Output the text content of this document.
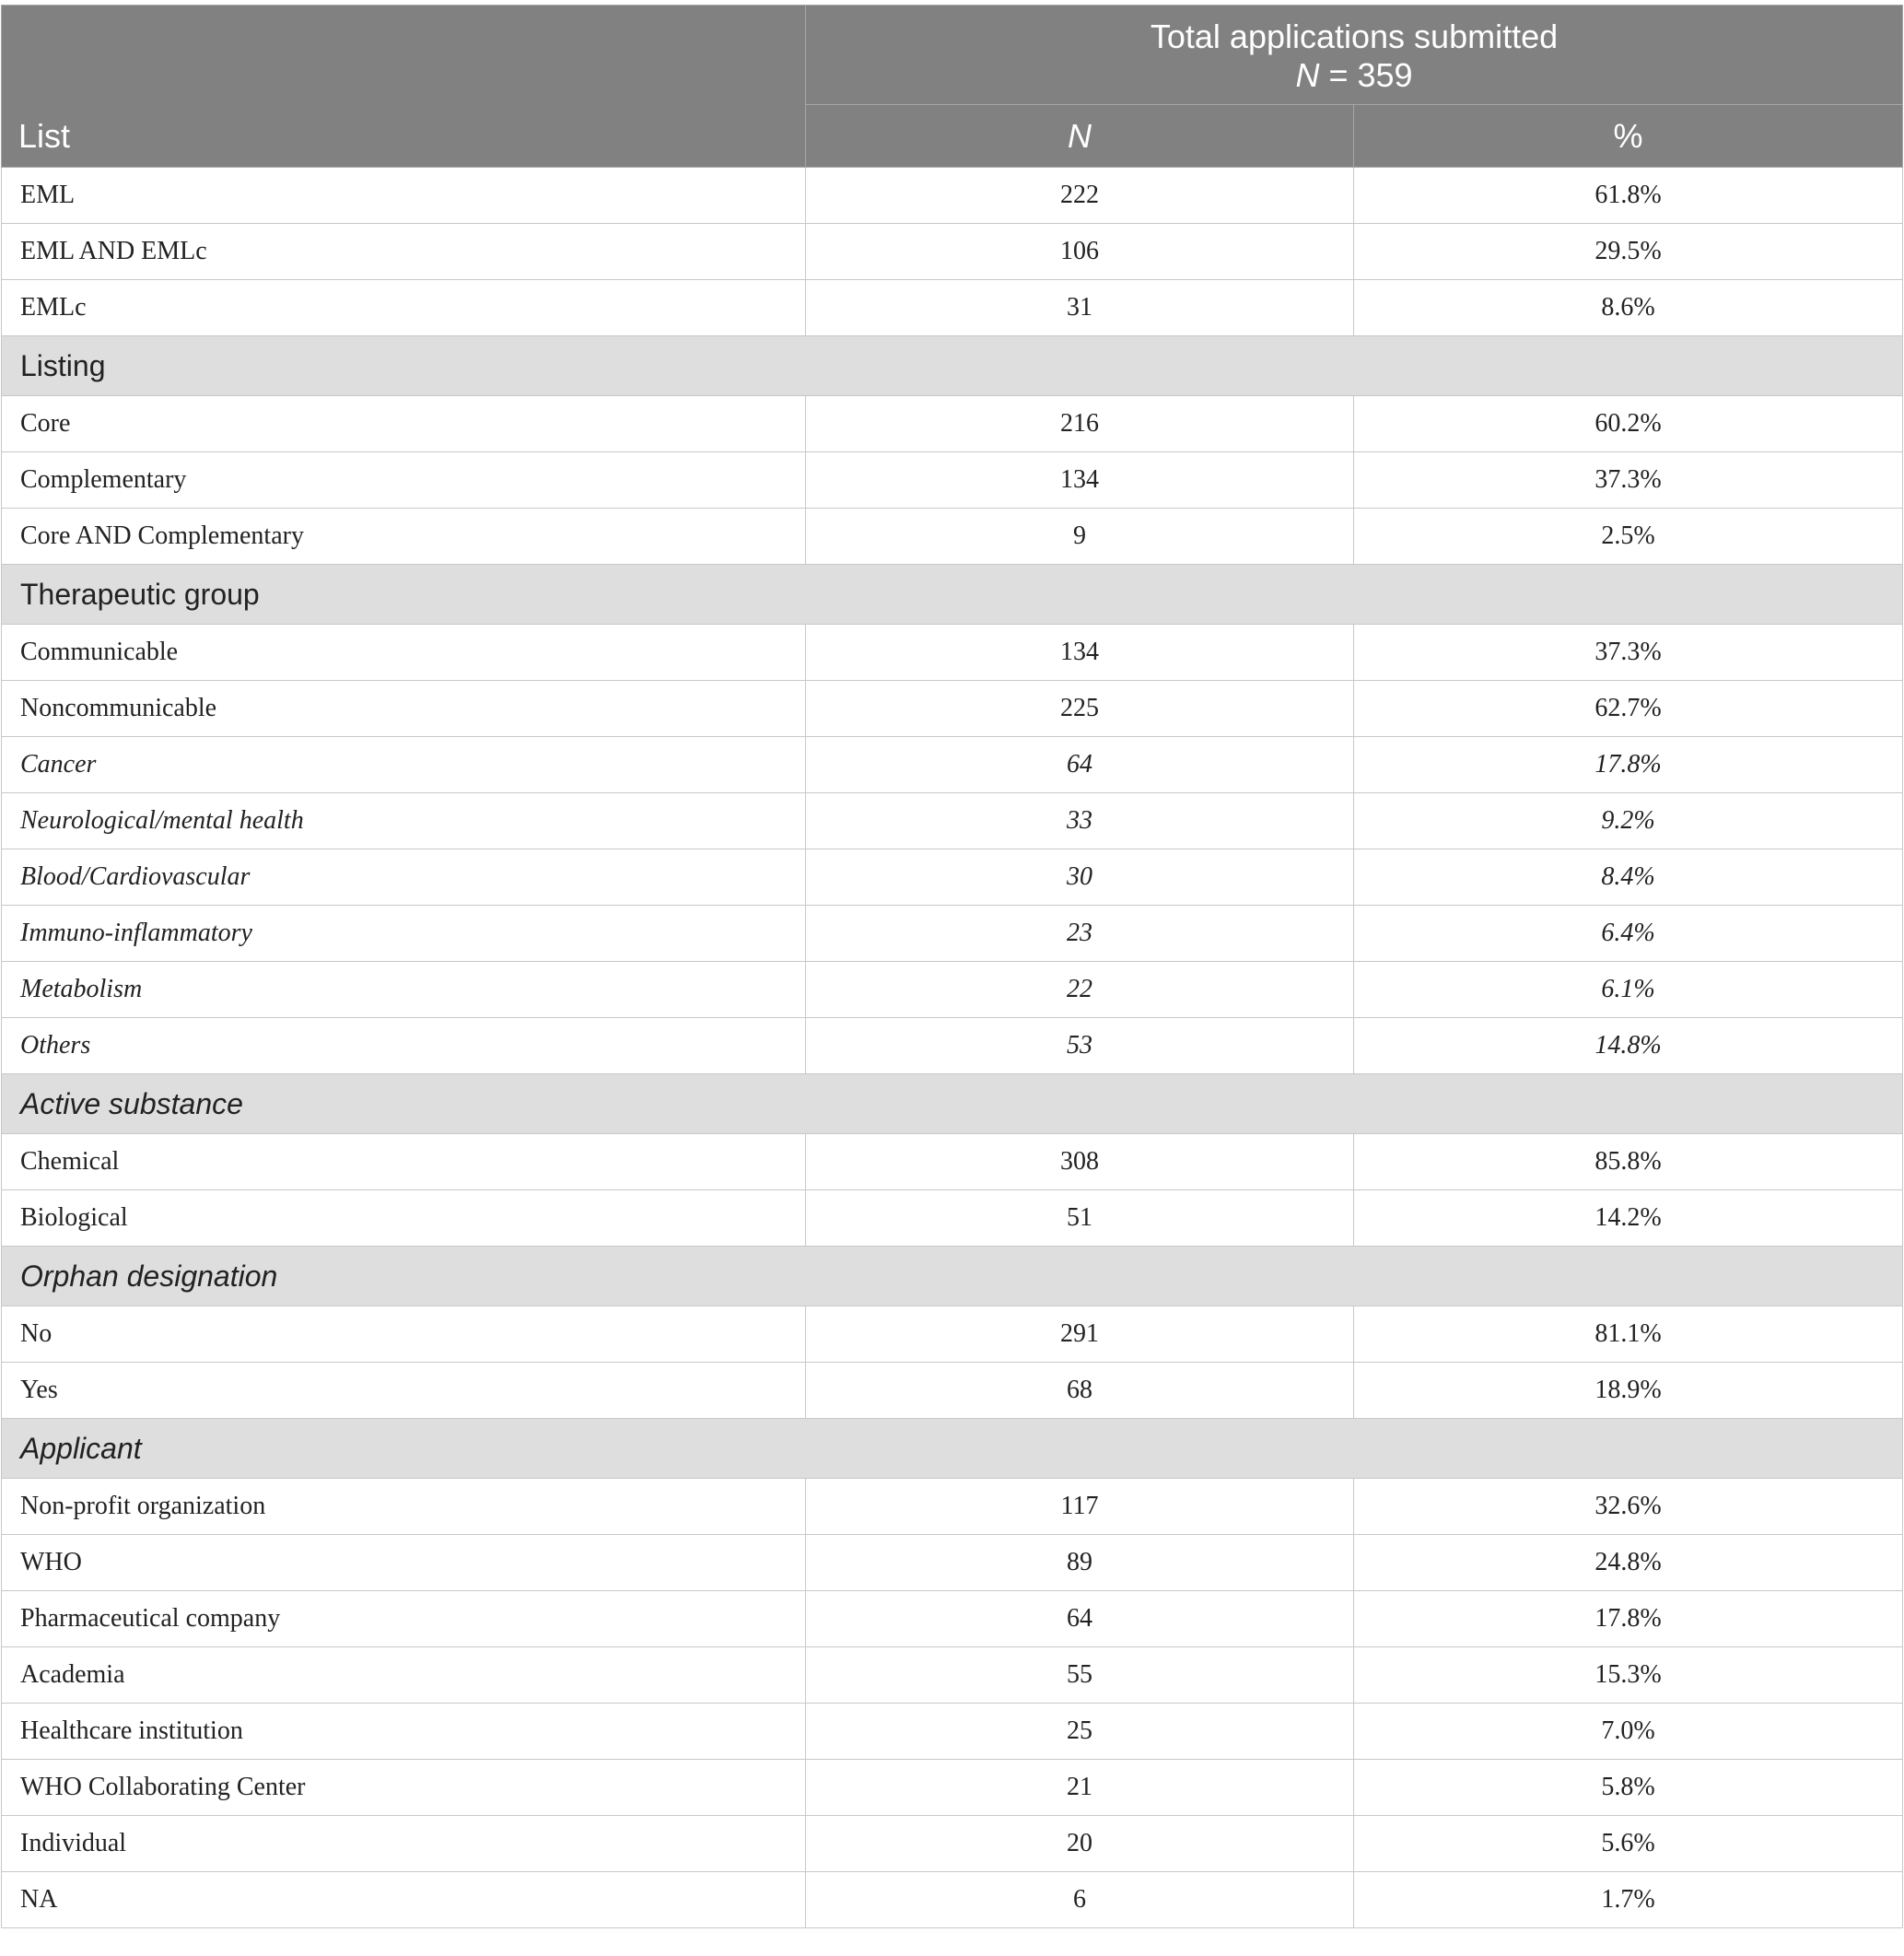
List	Total applications submitted
N = 359	
	N	%
EML	222	61.8%
EML AND EMLc	106	29.5%
EMLc	31	8.6%
Listing		
Core	216	60.2%
Complementary	134	37.3%
Core AND Complementary	9	2.5%
Therapeutic group		
Communicable	134	37.3%
Noncommunicable	225	62.7%
Cancer	64	17.8%
Neurological/mental health	33	9.2%
Blood/Cardiovascular	30	8.4%
Immuno-inflammatory	23	6.4%
Metabolism	22	6.1%
Others	53	14.8%
Active substance		
Chemical	308	85.8%
Biological	51	14.2%
Orphan designation		
No	291	81.1%
Yes	68	18.9%
Applicant		
Non-profit organization	117	32.6%
WHO	89	24.8%
Pharmaceutical company	64	17.8%
Academia	55	15.3%
Healthcare institution	25	7.0%
WHO Collaborating Center	21	5.8%
Individual	20	5.6%
NA	6	1.7%
